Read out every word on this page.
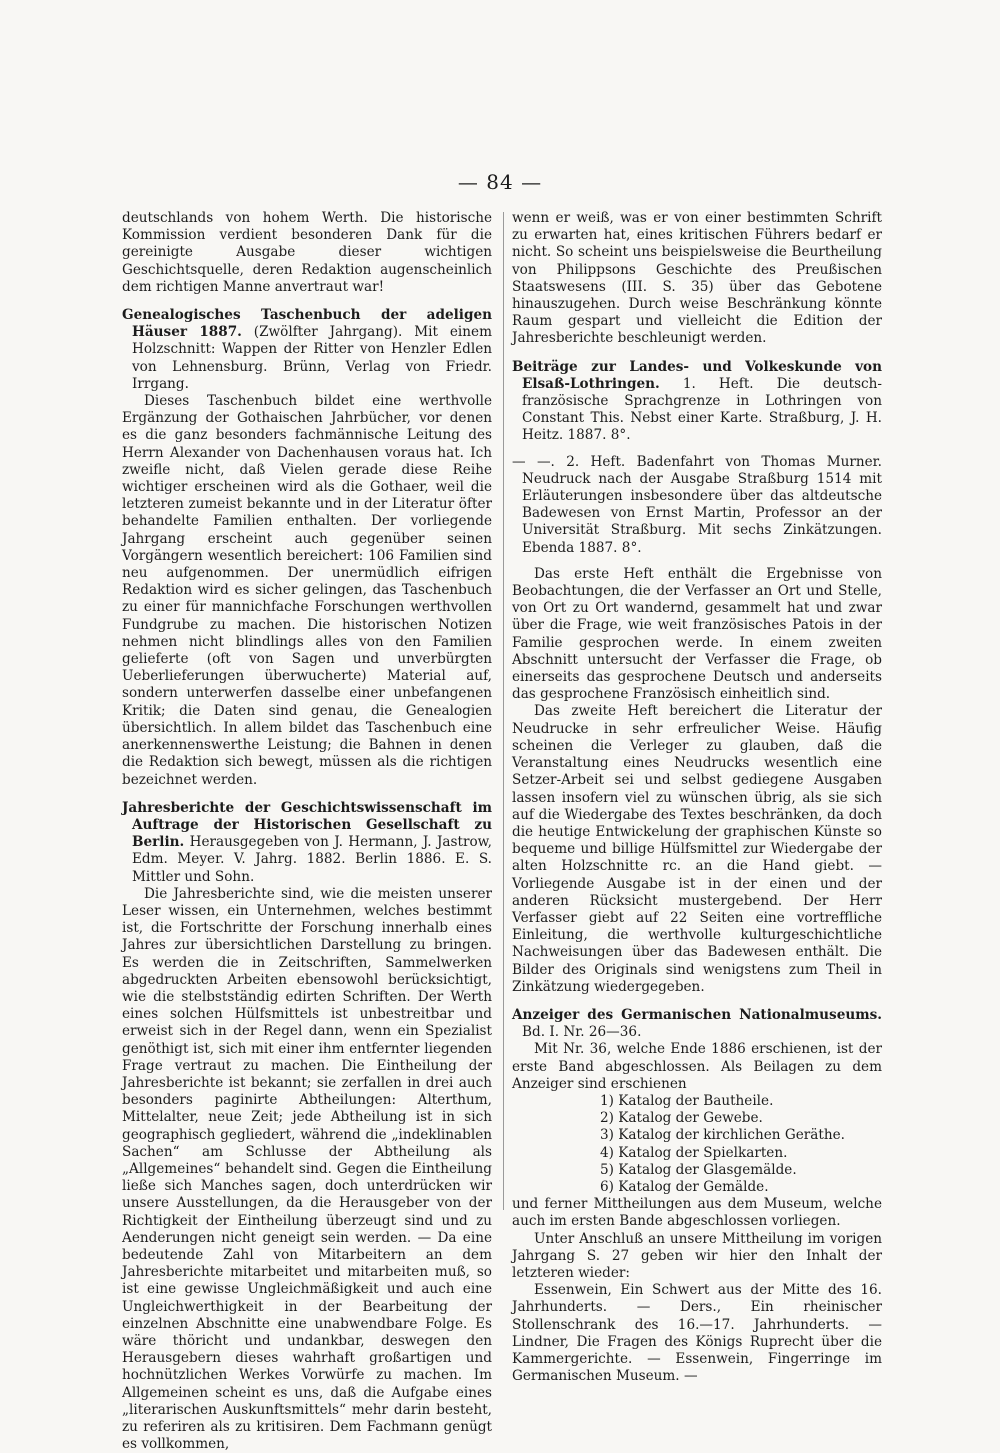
— 84 —

deutschlands von hohem Werth. Die historische Kommission verdient besonderen Dank für die gereinigte Ausgabe dieser wichtigen Geschichtsquelle, deren Redaktion augenscheinlich dem richtigen Manne anvertraut war!

Genealogisches Taschenbuch der adeligen Häuser 1887. (Zwölfter Jahrgang). Mit einem Holzschnitt: Wappen der Ritter von Henzler Edlen von Lehnensburg. Brünn, Verlag von Friedr. Irrgang.

Dieses Taschenbuch bildet eine werthvolle Ergänzung der Gothaischen Jahrbücher, vor denen es die ganz besonders fachmännische Leitung des Herrn Alexander von Dachenhausen voraus hat. Ich zweifle nicht, daß Vielen gerade diese Reihe wichtiger erscheinen wird als die Gothaer, weil die letzteren zumeist bekannte und in der Literatur öfter behandelte Familien enthalten. Der vorliegende Jahrgang erscheint auch gegenüber seinen Vorgängern wesentlich bereichert: 106 Familien sind neu aufgenommen. Der unermüdlich eifrigen Redaktion wird es sicher gelingen, das Taschenbuch zu einer für mannichfache Forschungen werthvollen Fundgrube zu machen. Die historischen Notizen nehmen nicht blindlings alles von den Familien gelieferte (oft von Sagen und unverbürgten Ueberlieferungen überwucherte) Material auf, sondern unterwerfen dasselbe einer unbefangenen Kritik; die Daten sind genau, die Genealogien übersichtlich. In allem bildet das Taschenbuch eine anerkennenswerthe Leistung; die Bahnen in denen die Redaktion sich bewegt, müssen als die richtigen bezeichnet werden.

Jahresberichte der Geschichtswissenschaft im Auftrage der Historischen Gesellschaft zu Berlin. Herausgegeben von J. Hermann, J. Jastrow, Edm. Meyer. V. Jahrg. 1882. Berlin 1886. E. S. Mittler und Sohn.

Die Jahresberichte sind, wie die meisten unserer Leser wissen, ein Unternehmen, welches bestimmt ist, die Fortschritte der Forschung innerhalb eines Jahres zur übersichtlichen Darstellung zu bringen. Es werden die in Zeitschriften, Sammelwerken abgedruckten Arbeiten ebensowohl berücksichtigt, wie die stelbstständig edirten Schriften. Der Werth eines solchen Hülfsmittels ist unbestreitbar und erweist sich in der Regel dann, wenn ein Spezialist genöthigt ist, sich mit einer ihm entfernter liegenden Frage vertraut zu machen. Die Eintheilung der Jahresberichte ist bekannt; sie zerfallen in drei auch besonders paginirte Abtheilungen: Alterthum, Mittelalter, neue Zeit; jede Abtheilung ist in sich geographisch gegliedert, während die „indeklinablen Sachen“ am Schlusse der Abtheilung als „Allgemeines“ behandelt sind. Gegen die Eintheilung ließe sich Manches sagen, doch unterdrücken wir unsere Ausstellungen, da die Herausgeber von der Richtigkeit der Eintheilung überzeugt sind und zu Aenderungen nicht geneigt sein werden. — Da eine bedeutende Zahl von Mitarbeitern an dem Jahresberichte mitarbeitet und mitarbeiten muß, so ist eine gewisse Ungleichmäßigkeit und auch eine Ungleichwerthigkeit in der Bearbeitung der einzelnen Abschnitte eine unabwendbare Folge. Es wäre thöricht und undankbar, deswegen den Herausgebern dieses wahrhaft großartigen und hochnützlichen Werkes Vorwürfe zu machen. Im Allgemeinen scheint es uns, daß die Aufgabe eines „literarischen Auskunftsmittels“ mehr darin besteht, zu referiren als zu kritisiren. Dem Fachmann genügt es vollkommen,

wenn er weiß, was er von einer bestimmten Schrift zu erwarten hat, eines kritischen Führers bedarf er nicht. So scheint uns beispielsweise die Beurtheilung von Philippsons Geschichte des Preußischen Staatswesens (III. S. 35) über das Gebotene hinauszugehen. Durch weise Beschränkung könnte Raum gespart und vielleicht die Edition der Jahresberichte beschleunigt werden.

Beiträge zur Landes- und Volkeskunde von Elsaß-Lothringen. 1. Heft. Die deutsch-französische Sprachgrenze in Lothringen von Constant This. Nebst einer Karte. Straßburg, J. H. Heitz. 1887. 8°.

— —. 2. Heft. Badenfahrt von Thomas Murner. Neudruck nach der Ausgabe Straßburg 1514 mit Erläuterungen insbesondere über das altdeutsche Badewesen von Ernst Martin, Professor an der Universität Straßburg. Mit sechs Zinkätzungen. Ebenda 1887. 8°.

Das erste Heft enthält die Ergebnisse von Beobachtungen, die der Verfasser an Ort und Stelle, von Ort zu Ort wandernd, gesammelt hat und zwar über die Frage, wie weit französisches Patois in der Familie gesprochen werde. In einem zweiten Abschnitt untersucht der Verfasser die Frage, ob einerseits das gesprochene Deutsch und anderseits das gesprochene Französisch einheitlich sind.

Das zweite Heft bereichert die Literatur der Neudrucke in sehr erfreulicher Weise. Häufig scheinen die Verleger zu glauben, daß die Veranstaltung eines Neudrucks wesentlich eine Setzer-Arbeit sei und selbst gediegene Ausgaben lassen insofern viel zu wünschen übrig, als sie sich auf die Wiedergabe des Textes beschränken, da doch die heutige Entwickelung der graphischen Künste so bequeme und billige Hülfsmittel zur Wiedergabe der alten Holzschnitte rc. an die Hand giebt. — Vorliegende Ausgabe ist in der einen und der anderen Rücksicht mustergebend. Der Herr Verfasser giebt auf 22 Seiten eine vortreffliche Einleitung, die werthvolle kulturgeschichtliche Nachweisungen über das Badewesen enthält. Die Bilder des Originals sind wenigstens zum Theil in Zinkätzung wiedergegeben.

Anzeiger des Germanischen Nationalmuseums. Bd. I. Nr. 26—36.

Mit Nr. 36, welche Ende 1886 erschienen, ist der erste Band abgeschlossen. Als Beilagen zu dem Anzeiger sind erschienen

1) Katalog der Bautheile.
2) Katalog der Gewebe.
3) Katalog der kirchlichen Geräthe.
4) Katalog der Spielkarten.
5) Katalog der Glasgemälde.
6) Katalog der Gemälde.

und ferner Mittheilungen aus dem Museum, welche auch im ersten Bande abgeschlossen vorliegen.

Unter Anschluß an unsere Mittheilung im vorigen Jahrgang S. 27 geben wir hier den Inhalt der letzteren wieder:

Essenwein, Ein Schwert aus der Mitte des 16. Jahrhunderts. — Ders., Ein rheinischer Stollenschrank des 16.—17. Jahrhunderts. — Lindner, Die Fragen des Königs Ruprecht über die Kammergerichte. — Essenwein, Fingerringe im Germanischen Museum. —
